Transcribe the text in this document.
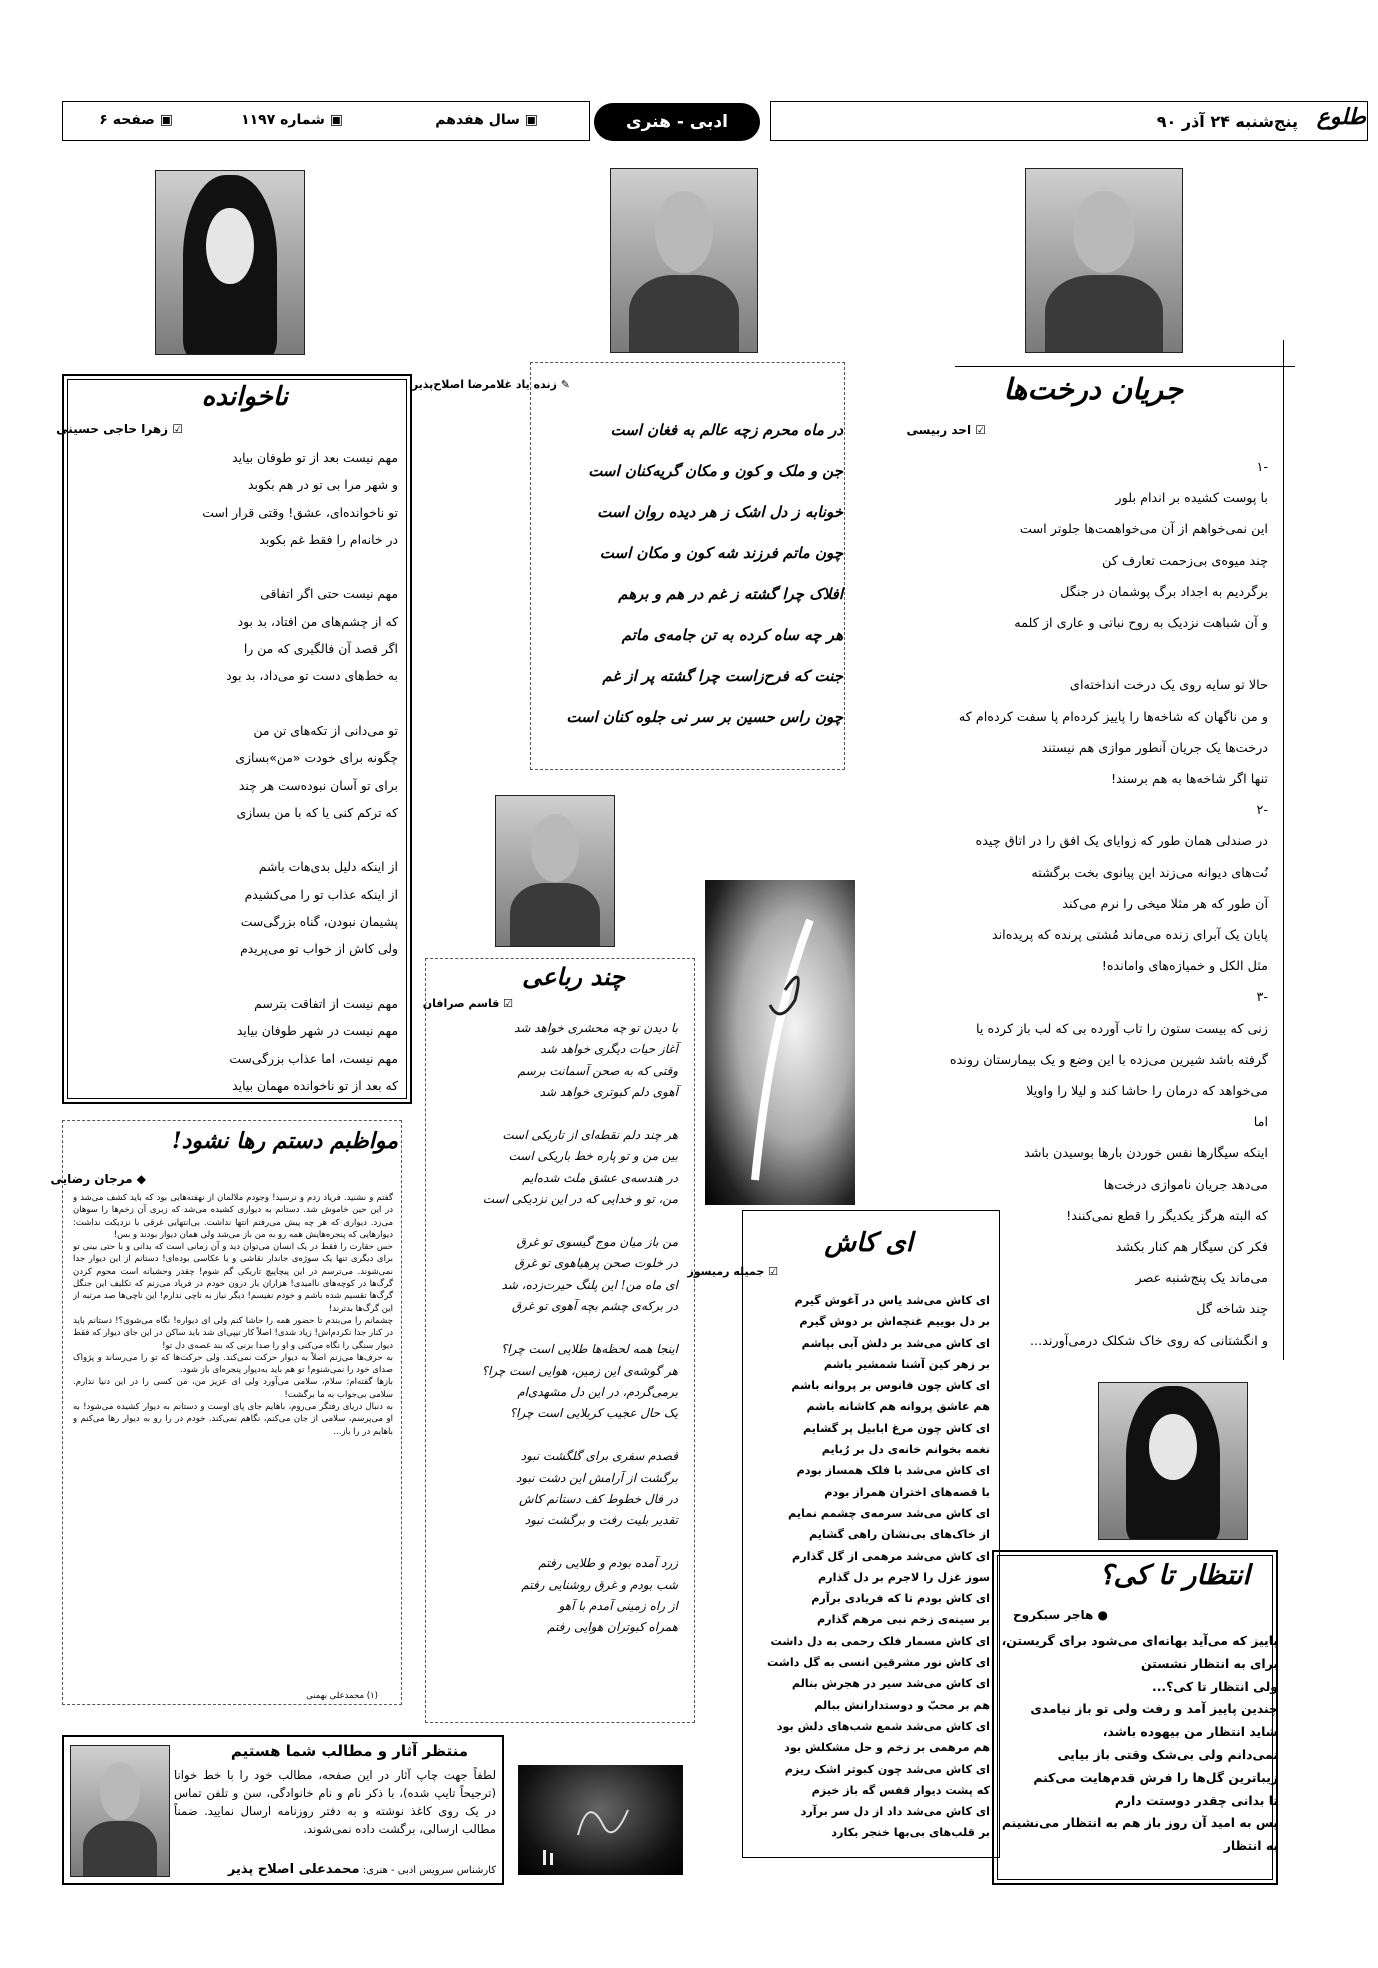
طلوع
پنج‌شنبه ۲۴ آذر ۹۰
ادبی - هنری
▣ سال هفدهم
▣ شماره ۱۱۹۷
▣ صفحه ۶
جریان درخت‌ها
☑ احد ربیسی

-۱

با پوست کشیده بر اندام بلور

این نمی‌خواهم از آن می‌خواهمت‌ها جلوتر است

چند میوه‌ی بی‌زحمت تعارف کن

برگردیم به اجداد برگ پوشمان در جنگل

و آن شباهت نزدیک به روح نباتی و عاری از کلمه

حالا تو سایه روی یک درخت انداخته‌ای

و من ناگهان که شاخه‌ها را پاییز کرده‌ام پا سفت کرده‌ام که

درخت‌ها یک جریان آنطور موازی هم نیستند

تنها اگر شاخه‌ها به هم برسند!

-۲

در صندلی همان طور که زوایای یک افق را در اتاق چیده

نُت‌های دیوانه می‌زند این پیانوی بخت برگشته

آن طور که هر مثلا میخی را نرم می‌کند

پایان یک آبرای زنده می‌ماند مُشتی پرنده که پریده‌اند

مثل الکل و خمیازه‌های وامانده!

-۳

زنی که بیست ستون را تاب آورده بی که لب باز کرده یا

گرفته باشد شیرین می‌زده با این وضع و یک بیمارستان رونده

می‌خواهد که درمان را حاشا کند و لیلا را واویلا

اما

اینکه سیگارها نفس خوردن بارها بوسیدن باشد

می‌دهد جریان ناموازی درخت‌ها

که البته هرگز یکدیگر را قطع نمی‌کنند!

فکر کن سیگار هم کنار بکشد

می‌ماند یک پنج‌شنبه عصر

چند شاخه گل

و انگشتانی که روی خاک شکلک درمی‌آورند...

✎ زنده یاد غلامرضا اصلاح‌پذیر

در ماه محرم زچه عالم به فغان است

جن و ملک و کون و مکان گریه‌کنان است

خونابه ز دل اشک ز هر دیده روان است

چون ماتم فرزند شه کون و مکان است

افلاک چرا گشته ز غم در هم و برهم

هر چه ساه کرده به تن جامه‌ی ماتم

جنت که فرح‌زاست چرا گشته پر از غم

چون راس حسین بر سر نی جلوه کنان است

ناخوانده
☑ زهرا حاجی حسینی

مهم نیست بعد از تو طوفان بیاید

و شهر مرا بی تو در هم بکوبد

تو ناخوانده‌ای، عشق! وقتی قرار است

در خانه‌ام را فقط غم بکوبد

مهم نیست حتی اگر اتفاقی

که از چشم‌های من افتاد، بد بود

اگر قصد آن فالگیری که من را

به خط‌های دست تو می‌داد، بد بود

تو می‌دانی از تکه‌های تن من

چگونه برای خودت «من»بسازی

برای تو آسان نبوده‌ست هر چند

که ترکم کنی یا که با من بسازی

از اینکه دلیل بدی‌هات باشم

از اینکه عذاب تو را می‌کشیدم

پشیمان نبودن، گناه بزرگی‌ست

ولی کاش از خواب تو می‌پریدم

مهم نیست از اتفاقت بترسم

مهم نیست در شهر طوفان بیاید

مهم نیست، اما عذاب بزرگی‌ست

که بعد از تو ناخوانده مهمان بیاید

چند رباعی
☑ قاسم صرافان

با دیدن تو چه محشری خواهد شد

آغاز حیات دیگری خواهد شد

وقتی که به صحن آسمانت برسم

آهوی دلم کبوتری خواهد شد

هر چند دلم نقطه‌ای از تاریکی است

بین من و تو پاره خط باریکی است

در هندسه‌ی عشق ملث شده‌ایم

من، تو و خدایی که در این نزدیکی است

من باز میان موج گیسوی تو غرق

در خلوت صحن پرهیاهوی تو غرق

ای ماه من! این پلنگ حیرت‌زده، شد

در برکه‌ی چشم بچه آهوی تو غرق

اینجا همه لحظه‌ها طلایی است چرا؟

هر گوشه‌ی این زمین، هوایی است چرا؟

برمی‌گردم، در این دل مشهدی‌ام

یک حال عجیب کربلایی است چرا؟

قصدم سفری برای گلگشت نبود

برگشت از آرامش این دشت نبود

در فال خطوط کف دستانم کاش

تقدیر بلیت رفت و برگشت نبود

زرد آمده بودم و طلایی رفتم

شب بودم و غرق روشنایی رفتم

از راه زمینی آمدم با آهو

همراه کبوتران هوایی رفتم

ای کاش
☑ جمیله رمیسوز

ای کاش می‌شد یاس در آغوش گیرم

بر دل بوییم غنچه‌اش بر دوش گیرم

ای کاش می‌شد بر دلش آبی بپاشم

بر زهر کین آشنا شمشیر باشم

ای کاش چون فانوس بر پروانه باشم

هم عاشق پروانه هم کاشانه باشم

ای کاش چون مرغ ابابیل پر گشایم

نغمه بخوانم خانه‌ی دل بر رُبایم

ای کاش می‌شد با فلک همساز بودم

با قصه‌های اختران همراز بودم

ای کاش می‌شد سرمه‌ی چشمم نمایم

از خاک‌های بی‌نشان راهی گشایم

ای کاش می‌شد مرهمی از گل گذارم

سوز غزل را لاجرم بر دل گذارم

ای کاش بودم تا که فریادی برآرم

بر سینه‌ی زخم نبی مرهم گذارم

ای کاش مسمار فلک رحمی به دل داشت

ای کاش نور مشرقین انسی به گل داشت

ای کاش می‌شد سیر در هجرش بنالم

هم بر محبّ و دوستدارانش ببالم

ای کاش می‌شد شمع شب‌های دلش بود

هم مرهمی بر زخم و حل مشکلش بود

ای کاش می‌شد چون کبوتر اشک ریزم

که پشت دیوار قفس گه باز خیزم

ای کاش می‌شد داد از دل سر برآرد

بر قلب‌های بی‌بها خنجر بکارد

مواظبم دستم رها نشود!
◆ مرجان رضایی

گفتم و نشنید. فریاد زدم و نرسید! وجودم ملالمان از نهفته‌هایی بود که باید کشف می‌شد و در این حین خاموش شد. دستانم به دیواری کشیده می‌شد که زبری آن زخم‌ها را سوهان می‌زد. دیواری که هر چه پیش می‌رفتم انتها نداشت. بی‌انتهایی غرقی با نزدیکت نداشت: دیوارهایی که پنجره‌هایش همه رو به من باز می‌شد ولی همان دیوار بودند و بس!

حس حقارت را فقط در یک انسان می‌توان دید و آن زمانی است که بدانی و با حتی بینی تو برای دیگری تنها یک سوژه‌ی جاندار نقاشی و یا عکاسی بوده‌ای! دستانم از این دیوار جدا نمی‌شوند. می‌ترسم در این پیچاپیچ تاریکی گم شوم! چقدر وحشیانه است محوم کردن گرگ‌ها در کوچه‌های ناامیدی! هزاران بار درون خودم در فریاد می‌زنم که تکلیف این جنگل گرگ‌ها تقسیم شده باشم و خودم نفیسم! دیگر نیاز به ناچی ندارم! این ناچی‌ها صد مرتبه از این گرگ‌ها بدترند!

چشمانم را می‌بندم تا حضور همه را حاشا کنم ولی ای دیواره! نگاه می‌شوی؟! دستانم باید در کنار جدا نکردم‌اش! زیاد شدی! اصلاً کار تیپی‌ای شد باید ساکن در این جای دیوار که فقط دیوار سنگی را نگاه می‌کنی و او را صدا بزنی که بند غصه‌ی دل تو!

به حرف‌ها می‌زنم اصلاً به دیوار حرکت نمی‌کند. ولی حرکت‌ها که تو را می‌رساند و پژواک صدای خود را نمی‌شنوم! تو هم باید به‌دیوار پنجره‌ای باز شود.

بازها گفته‌ام: سلام، سلامی می‌آورد ولی ای عزیز من، من کسی را در این دنیا ندارم. سلامی بی‌جواب به ما برگشت!

به دنبال دریای رفتگر می‌روم، با‌هایم جای پای اوست و دستانم به دیوار کشیده می‌شود! به او می‌پرسم، سلامی از جان می‌کنم، نگاهم نمی‌کند. خودم در را رو به دیوار رها می‌کنم و با‌هایم در را باز...

(۱) محمدعلی بهمنی
انتظار تا کی؟
● هاجر سبکروح

پاییز که می‌آید بهانه‌ای می‌شود برای گریستن،

برای به انتظار نشستن

ولی انتظار تا کی؟...

چندین پاییز آمد و رفت ولی تو باز نیامدی

شاید انتظار من بیهوده باشد،

نمی‌دانم ولی بی‌شک وقتی باز بیایی

زیباترین گل‌ها را فرش قدم‌هایت می‌کنم

تا بدانی چقدر دوستت دارم

پس به امید آن روز باز هم به انتظار می‌نشینم

به انتظار

منتظر آثار و مطالب شما هستیم
لطفاً جهت چاپ آثار در این صفحه، مطالب خود را با خط خوانا (ترجیحاً تایپ شده)، با ذکر نام و نام خانوادگی، سن و تلفن تماس در یک روی کاغذ نوشته و به دفتر روزنامه ارسال نمایید. ضمناً مطالب ارسالی، برگشت داده نمی‌شوند.
کارشناس سرویس ادبی - هنری: محمدعلی اصلاح پذیر
